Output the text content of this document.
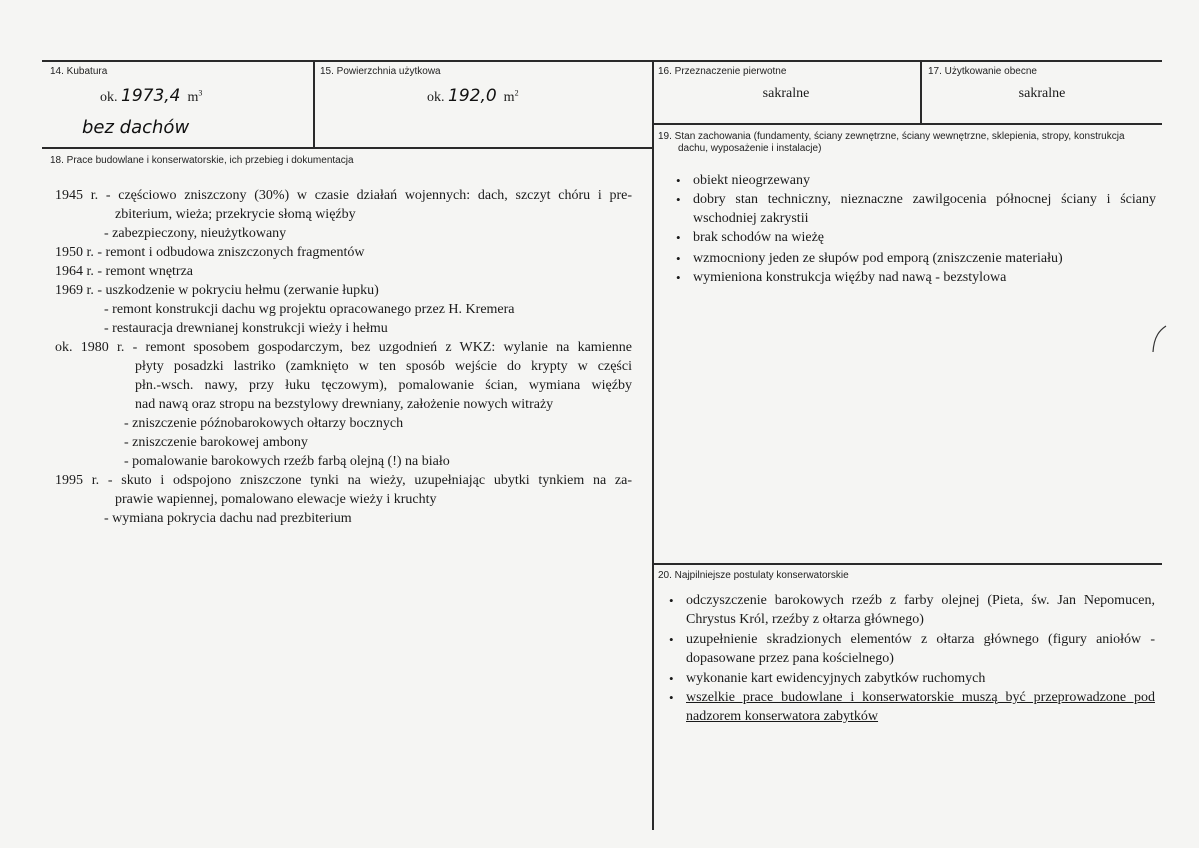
14. Kubatura
ok. 1973,4 $m^3$
bez dachów
15. Powierzchnia użytkowa
ok. 192,0 $m^2$
16. Przeznaczenie pierwotne
sakralne
17. Użytkowanie obecne
sakralne
18. Prace budowlane i konserwatorskie, ich przebieg i dokumentacja
1945 r. - częściowo zniszczony (30%) w czasie działań wojennych: dach, szczyt chóru i pre-
zbiterium, wieża; przekrycie słomą więźby
- zabezpieczony, nieużytkowany
1950 r. - remont i odbudowa zniszczonych fragmentów
1964 r. - remont wnętrza
1969 r. - uszkodzenie w pokryciu hełmu (zerwanie łupku)
- remont konstrukcji dachu wg projektu opracowanego przez H. Kremera
- restauracja drewnianej konstrukcji wieży i hełmu
ok. 1980 r. - remont sposobem gospodarczym, bez uzgodnień z WKZ: wylanie na kamienne
płyty posadzki lastriko (zamknięto w ten sposób wejście do krypty w części
płn.-wsch. nawy, przy łuku tęczowym), pomalowanie ścian, wymiana więźby
nad nawą oraz stropu na bezstylowy drewniany, założenie nowych witraży
- zniszczenie późnobarokowych ołtarzy bocznych
- zniszczenie barokowej ambony
- pomalowanie barokowych rzeźb farbą olejną (!) na biało
1995 r. - skuto i odspojono zniszczone tynki na wieży, uzupełniając ubytki tynkiem na za-
prawie wapiennej, pomalowano elewacje wieży i kruchty
- wymiana pokrycia dachu nad prezbiterium
19. Stan zachowania (fundamenty, ściany zewnętrzne, ściany wewnętrzne, sklepienia, stropy, konstrukcja
dachu, wyposażenie i instalacje)
• obiekt nieogrzewany
• dobry stan techniczny, nieznaczne zawilgocenia północnej ściany i ściany wschodniej zakrystii
• brak schodów na wieżę
• wzmocniony jeden ze słupów pod emporą (zniszczenie materiału)
• wymieniona konstrukcja więźby nad nawą - bezstylowa
20. Najpilniejsze postulaty konserwatorskie
• odczyszczenie barokowych rzeźb z farby olejnej (Pieta, św. Jan Nepomucen, Chrystus Król, rzeźby z ołtarza głównego)
• uzupełnienie skradzionych elementów z ołtarza głównego (figury aniołów - dopasowane przez pana kościelnego)
• wykonanie kart ewidencyjnych zabytków ruchomych
• wszelkie prace budowlane i konserwatorskie muszą być przeprowadzone pod nadzorem konserwatora zabytków
